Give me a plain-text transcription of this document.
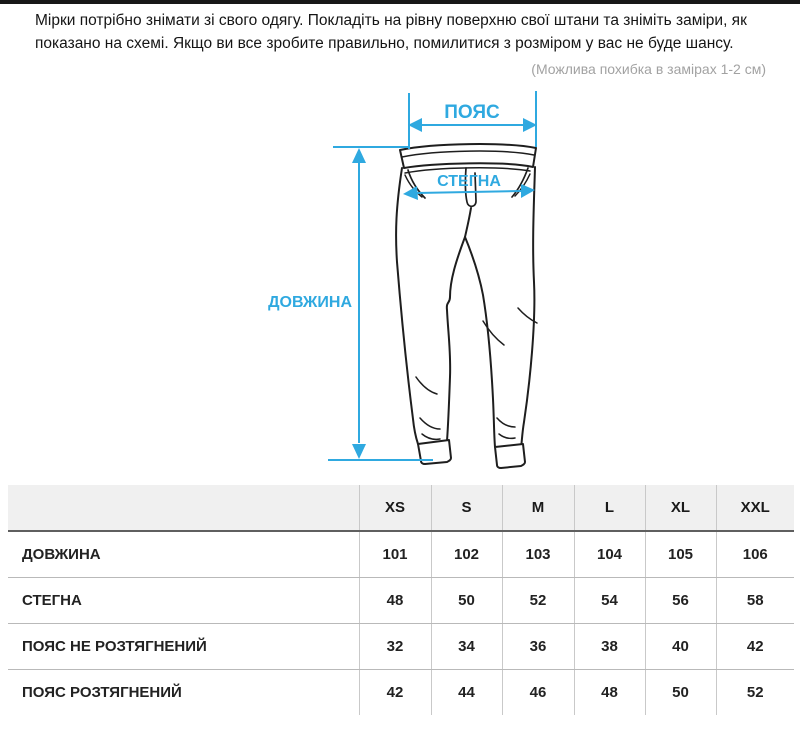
Мірки потрібно знімати зі свого одягу. Покладіть на рівну поверхню свої штани та зніміть заміри, як показано на схемі. Якщо ви все зробите правильно, помилитися з розміром у вас не буде шансу.

(Можлива похибка в замірах 1-2 см)
ПОЯС
СТЕГНА
ДОВЖИНА
	XS	S	M	L	XL	XXL
ДОВЖИНА	101	102	103	104	105	106
СТЕГНА	48	50	52	54	56	58
ПОЯС НЕ РОЗТЯГНЕНИЙ	32	34	36	38	40	42
ПОЯС РОЗТЯГНЕНИЙ	42	44	46	48	50	52
